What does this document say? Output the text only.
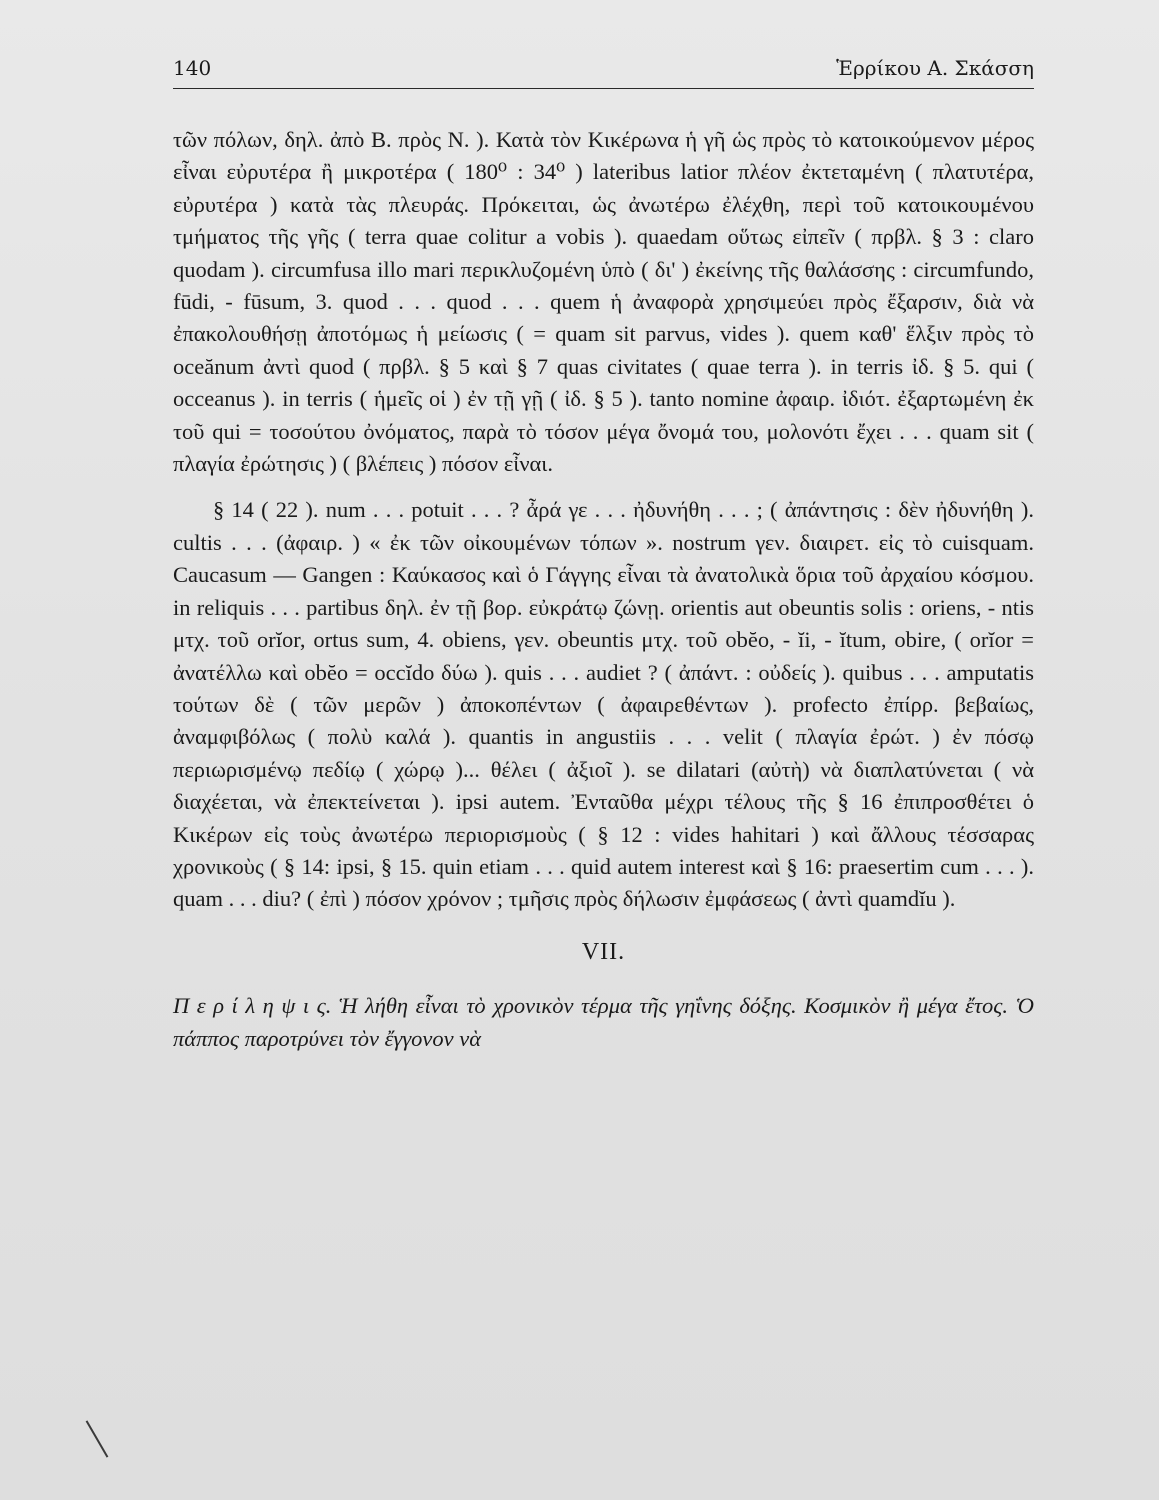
140	Ἑρρίκου Α. Σκάσση

τῶν πόλων, δηλ. ἀπὸ Β. πρὸς Ν. ). Κατὰ τὸν Κικέρωνα ἡ γῆ ὡς πρὸς τὸ κατοικούμενον μέρος εἶναι εὐρυτέρα ἢ μικροτέρα ( 180⁰ : 34⁰ ) lateribus latior πλέον ἐκτεταμένη ( πλατυτέρα, εὐρυτέρα ) κατὰ τὰς πλευράς. Πρόκειται, ὡς ἀνωτέρω ἐλέχθη, περὶ τοῦ κατοικουμένου τμήματος τῆς γῆς ( terra quae colitur a vobis ). quaedam οὕτως εἰπεῖν ( πρβλ. § 3 : claro quodam ). circumfusa illo mari περικλυζομένη ὑπὸ ( δι' ) ἐκείνης τῆς θαλάσσης : circumfundo, fūdi, - fūsum, 3. quod . . . quod . . . quem ἡ ἀναφορὰ χρησιμεύει πρὸς ἔξαρσιν, διὰ νὰ ἐπακολουθήσῃ ἀποτόμως ἡ μείωσις ( = quam sit parvus, vides ). quem καθ' ἕλξιν πρὸς τὸ oceănum ἀντὶ quod ( πρβλ. § 5 καὶ § 7 quas civitates ( quae terra ). in terris ἰδ. § 5. qui ( occeanus ). in terris ( ἡμεῖς οἱ ) ἐν τῇ γῇ ( ἰδ. § 5 ). tanto nomine ἀφαιρ. ἰδιότ. ἐξαρτωμένη ἐκ τοῦ qui = τοσούτου ὀνόματος, παρὰ τὸ τόσον μέγα ὄνομά του, μολονότι ἔχει . . . quam sit ( πλαγία ἐρώτησις ) ( βλέπεις ) πόσον εἶναι.

§ 14 ( 22 ). num . . . potuit . . . ? ἆρά γε . . . ἠδυνήθη . . . ; ( ἀπάντησις : δὲν ἠδυνήθη ). cultis . . . (ἀφαιρ. ) « ἐκ τῶν οἰκουμένων τόπων ». nostrum γεν. διαιρετ. εἰς τὸ cuisquam. Caucasum — Gangen : Καύκασος καὶ ὁ Γάγγης εἶναι τὰ ἀνατολικὰ ὅρια τοῦ ἀρχαίου κόσμου. in reliquis . . . partibus δηλ. ἐν τῇ βορ. εὐκράτῳ ζώνῃ. orientis aut obeuntis solis : oriens, - ntis μτχ. τοῦ orĭor, ortus sum, 4. obiens, γεν. obeuntis μτχ. τοῦ obĕo, - ĭi, - ĭtum, obire, ( orĭor = ἀνατέλλω καὶ obĕo = occĭdo δύω ). quis . . . audiet ? ( ἀπάντ. : οὐδείς ). quibus . . . amputatis τούτων δὲ ( τῶν μερῶν ) ἀποκοπέντων ( ἀφαιρεθέντων ). profecto ἐπίρρ. βεβαίως, ἀναμφιβόλως ( πολὺ καλά ). quantis in angustiis . . . velit ( πλαγία ἐρώτ. ) ἐν πόσῳ περιωρισμένῳ πεδίῳ ( χώρῳ )... θέλει ( ἀξιοῖ ). se dilatari (αὐτὴ) νὰ διαπλατύνεται ( νὰ διαχέεται, νὰ ἐπεκτείνεται ). ipsi autem. Ἐνταῦθα μέχρι τέλους τῆς § 16 ἐπιπροσθέτει ὁ Κικέρων εἰς τοὺς ἀνωτέρω περιορισμοὺς ( § 12 : vides hahitari ) καὶ ἄλλους τέσσαρας χρονικοὺς ( § 14: ipsi, § 15. quin etiam . . . quid autem interest καὶ § 16: praesertim cum . . . ). quam . . . diu? ( ἐπὶ ) πόσον χρόνον ; τμῆσις πρὸς δήλωσιν ἐμφάσεως ( ἀντὶ quamdĭu ).

VII.

Π ε ρ ί λ η ψ ι ς. Ἡ λήθη εἶναι τὸ χρονικὸν τέρμα τῆς γηΐνης δόξης. Κοσμικὸν ἢ μέγα ἔτος. Ὁ πάππος παροτρύνει τὸν ἔγγονον νὰ
